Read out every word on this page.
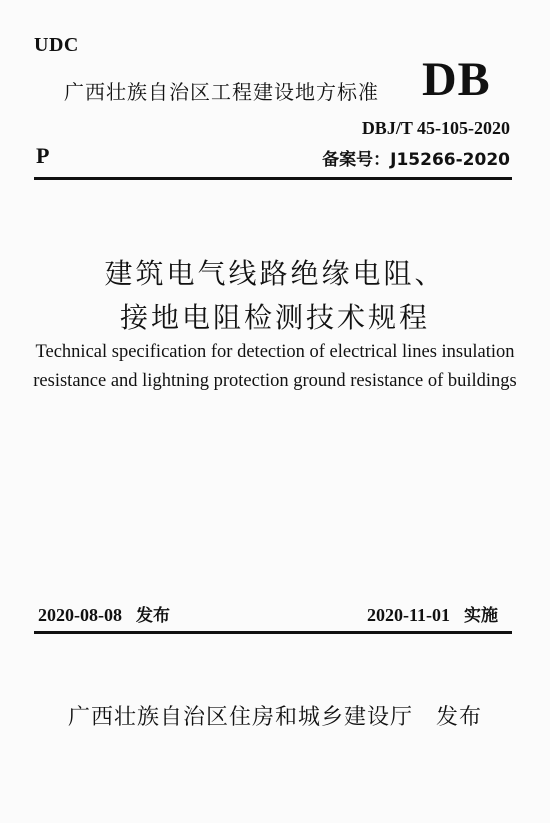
UDC
广西壮族自治区工程建设地方标准 DB
DBJ/T 45-105-2020
P	备案号：J15266-2020
建筑电气线路绝缘电阻、
接地电阻检测技术规程
Technical specification for detection of electrical lines insulation
resistance and lightning protection ground resistance of buildings
2020-08-08 发布	2020-11-01 实施
广西壮族自治区住房和城乡建设厅　发布
